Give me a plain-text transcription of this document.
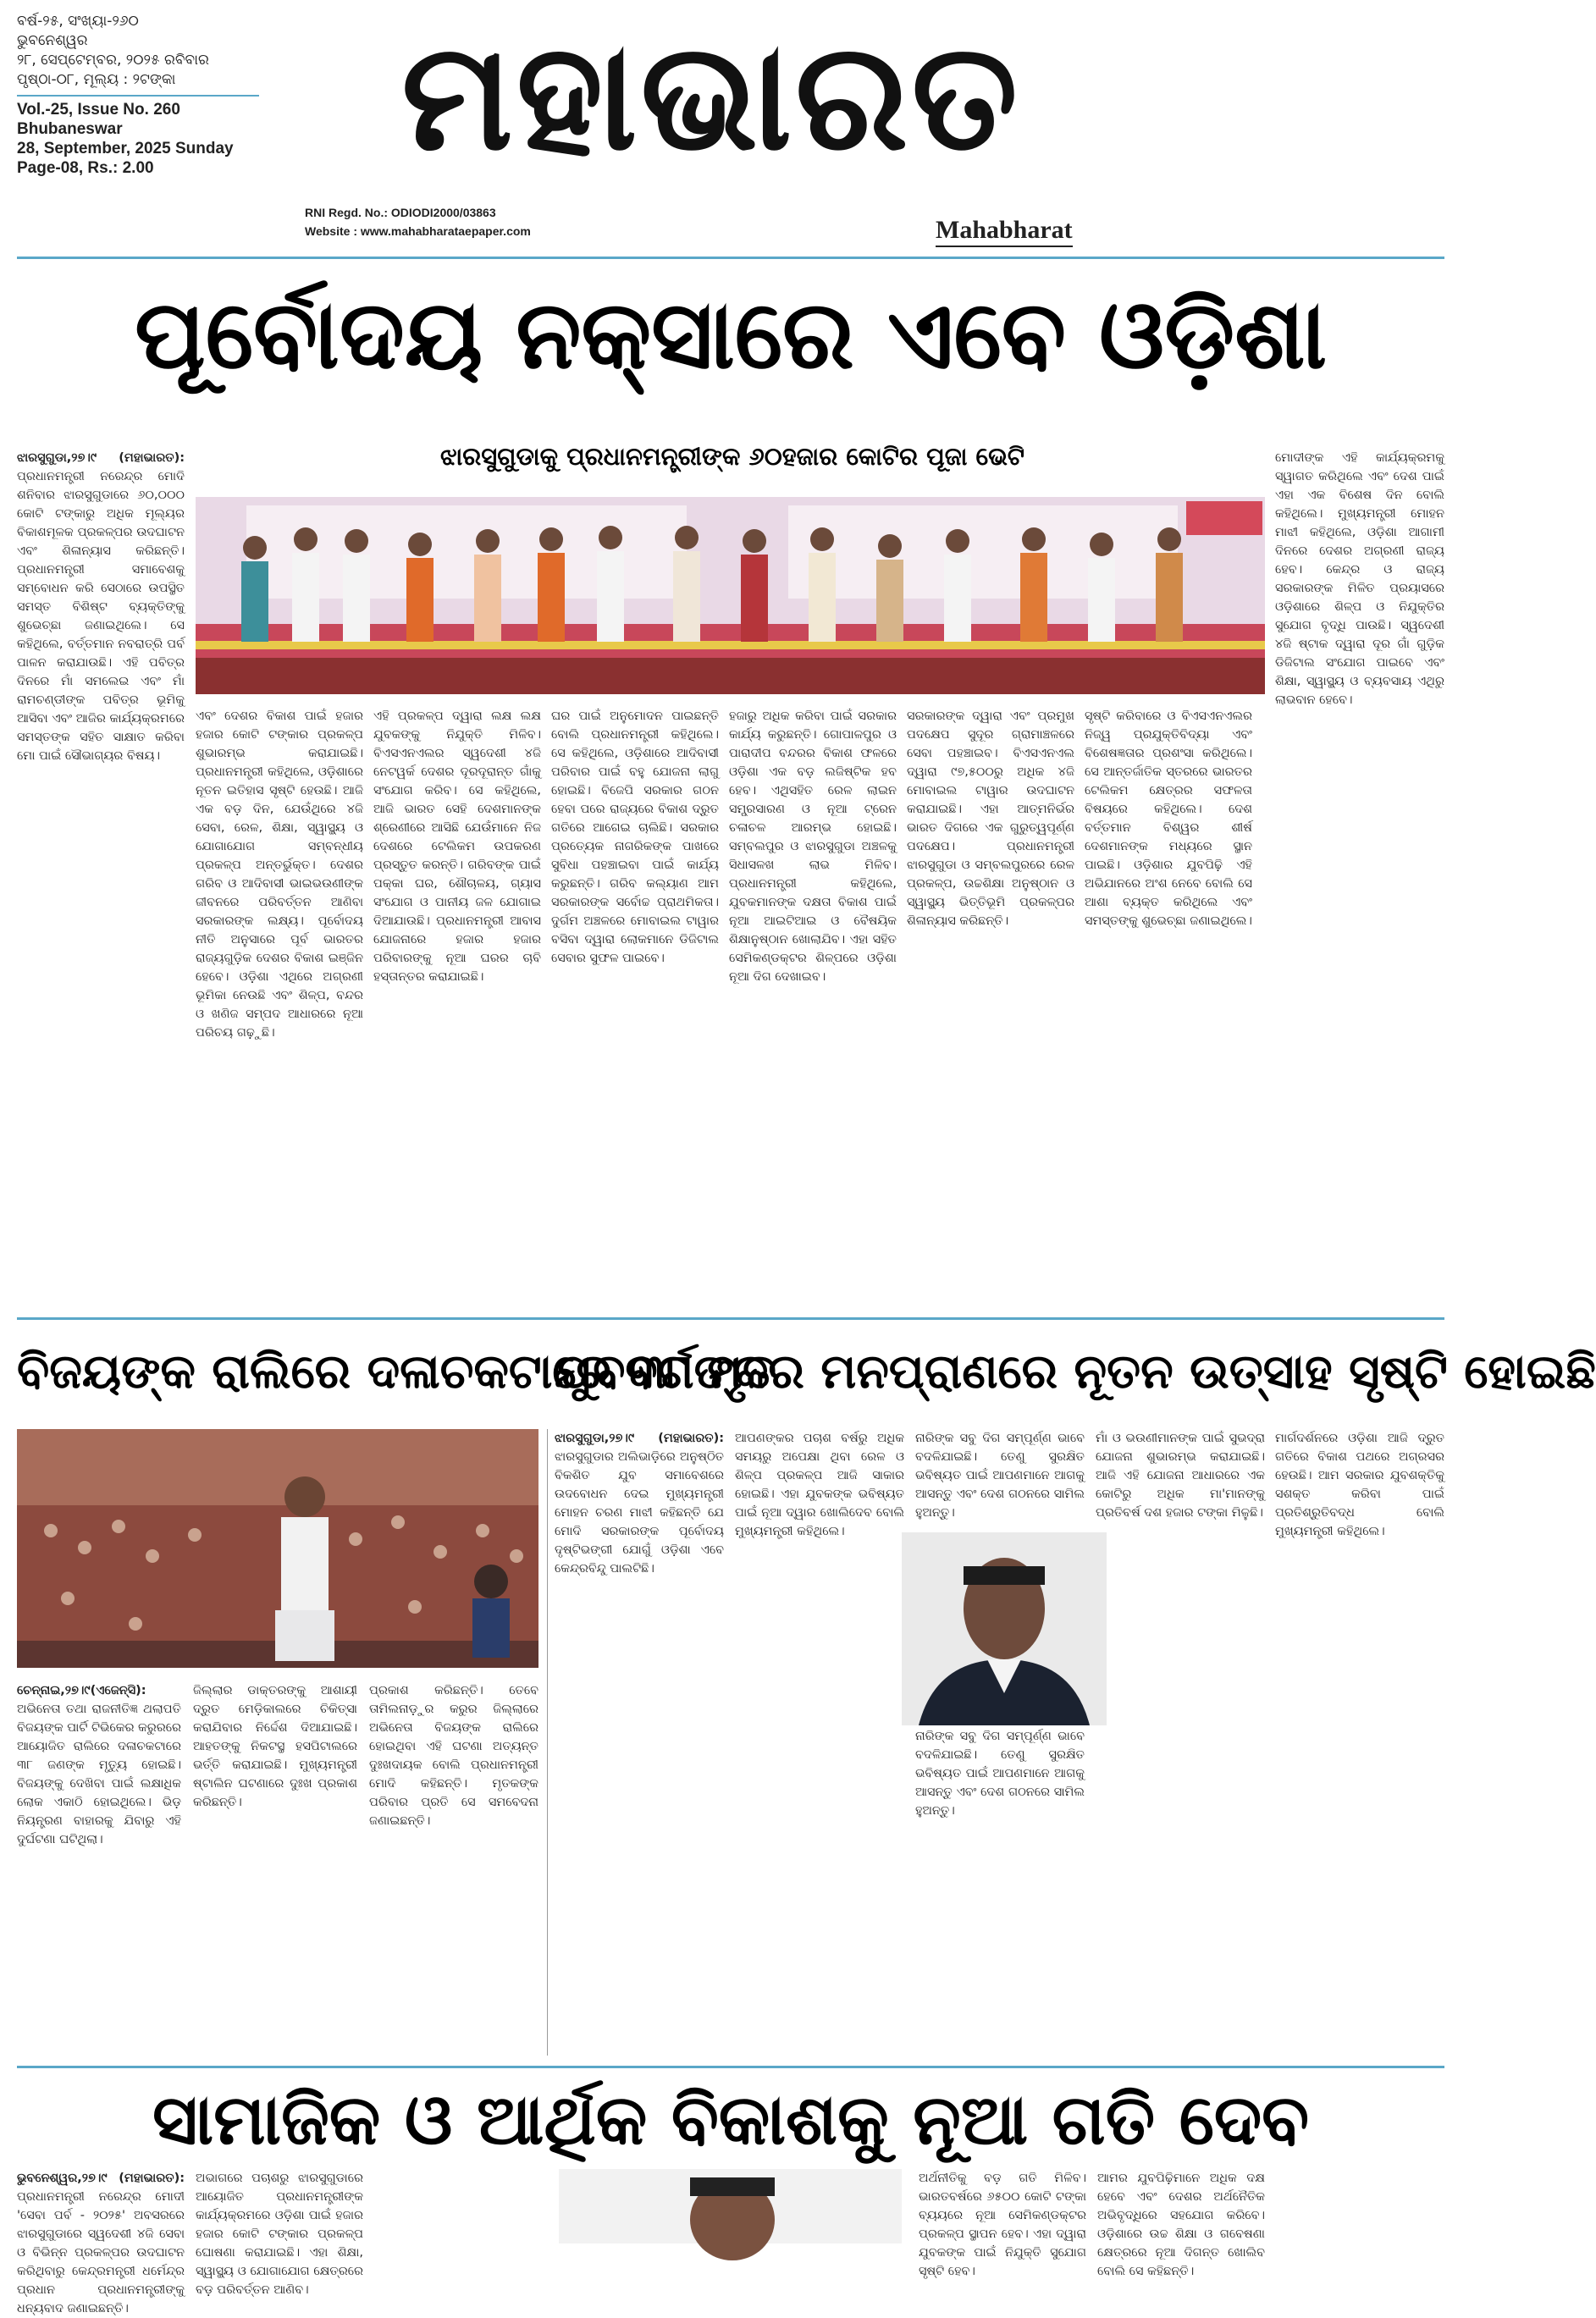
ବର୍ଷ-୨୫, ସଂଖ୍ୟା-୨୬୦
ଭୁବନେଶ୍ୱର
୨୮, ସେପ୍ଟେମ୍ବର, ୨୦୨୫ ରବିବାର
ପୃଷ୍ଠା-୦୮, ମୂଲ୍ୟ : ୨ଟଙ୍କା
Vol.-25, Issue No. 260
Bhubaneswar
28, September, 2025 Sunday
Page-08, Rs.: 2.00	ମହାଭାରତ
RNI Regd. No.: ODIODI2000/03863
Website : www.mahabharataepaper.com	Mahabharat
ପୂର୍ବୋଦୟ ନକ୍ସାରେ ଏବେ ଓଡ଼ିଶା
ଝାରସୁଗୁଡାକୁ ପ୍ରଧାନମନ୍ତ୍ରୀଙ୍କ ୬୦ହଜାର କୋଟିର ପୂଜା ଭେଟି
ଝାରସୁଗୁଡା,୨୭।୯ (ମହାଭାରତ): ପ୍ରଧାନମନ୍ତ୍ରୀ ନରେନ୍ଦ୍ର ମୋଦି ଶନିବାର ଝାରସୁଗୁଡାରେ ୬୦,୦୦୦ କୋଟି ଟଙ୍କାରୁ ଅଧିକ ମୂଲ୍ୟର ବିକାଶମୂଳକ ପ୍ରକଳ୍ପର ଉଦଘାଟନ ଏବଂ ଶିଳାନ୍ୟାସ କରିଛନ୍ତି। ପ୍ରଧାନମନ୍ତ୍ରୀ ସମାବେଶକୁ ସମ୍ବୋଧନ କରି ସେଠାରେ ଉପସ୍ଥିତ ସମସ୍ତ ବିଶିଷ୍ଟ ବ୍ୟକ୍ତିଙ୍କୁ ଶୁଭେଚ୍ଛା ଜଣାଇଥିଲେ। ସେ କହିଥିଲେ, ବର୍ତ୍ତମାନ ନବରାତ୍ରି ପର୍ବ ପାଳନ କରାଯାଉଛି। ଏହି ପବିତ୍ର ଦିନରେ ମାଁ ସମଲେଇ ଏବଂ ମାଁ ରାମଚଣ୍ଡୀଙ୍କ ପବିତ୍ର ଭୂମିକୁ ଆସିବା ଏବଂ ଆଜିର କାର୍ଯ୍ୟକ୍ରମରେ ସମସ୍ତଙ୍କ ସହିତ ସାକ୍ଷାତ କରିବା ମୋ ପାଇଁ ସୌଭାଗ୍ୟର ବିଷୟ।
ଏବଂ ଦେଶର ବିକାଶ ପାଇଁ ହଜାର ହଜାର କୋଟି ଟଙ୍କାର ପ୍ରକଳ୍ପ ଶୁଭାରମ୍ଭ କରାଯାଇଛି। ପ୍ରଧାନମନ୍ତ୍ରୀ କହିଥିଲେ, ଓଡ଼ିଶାରେ ନୂତନ ଇତିହାସ ସୃଷ୍ଟି ହେଉଛି। ଆଜି ଏକ ବଡ଼ ଦିନ, ଯେଉଁଥିରେ ୪ଜି ସେବା, ରେଳ, ଶିକ୍ଷା, ସ୍ୱାସ୍ଥ୍ୟ ଓ ଯୋଗାଯୋଗ ସମ୍ବନ୍ଧୀୟ ପ୍ରକଳ୍ପ ଅନ୍ତର୍ଭୁକ୍ତ। ଦେଶର ଗରିବ ଓ ଆଦିବାସୀ ଭାଇଭଉଣୀଙ୍କ ଜୀବନରେ ପରିବର୍ତ୍ତନ ଆଣିବା ସରକାରଙ୍କ ଲକ୍ଷ୍ୟ। ପୂର୍ବୋଦୟ ନୀତି ଅନୁସାରେ ପୂର୍ବ ଭାରତର ରାଜ୍ୟଗୁଡ଼ିକ ଦେଶର ବିକାଶ ଇଞ୍ଜିନ ହେବେ। ଓଡ଼ିଶା ଏଥିରେ ଅଗ୍ରଣୀ ଭୂମିକା ନେଉଛି ଏବଂ ଶିଳ୍ପ, ବନ୍ଦର ଓ ଖଣିଜ ସମ୍ପଦ ଆଧାରରେ ନୂଆ ପରିଚୟ ଗଢ଼ୁଛି।
ଏହି ପ୍ରକଳ୍ପ ଦ୍ୱାରା ଲକ୍ଷ ଲକ୍ଷ ଯୁବକଙ୍କୁ ନିଯୁକ୍ତି ମିଳିବ। ବିଏସଏନଏଲର ସ୍ୱଦେଶୀ ୪ଜି ନେଟୱର୍କ ଦେଶର ଦୂରଦୂରାନ୍ତ ଗାଁକୁ ସଂଯୋଗ କରିବ। ସେ କହିଥିଲେ, ଆଜି ଭାରତ ସେହି ଦେଶମାନଙ୍କ ଶ୍ରେଣୀରେ ଆସିଛି ଯେଉଁମାନେ ନିଜ ଦେଶରେ ଟେଲିକମ ଉପକରଣ ପ୍ରସ୍ତୁତ କରନ୍ତି। ଗରିବଙ୍କ ପାଇଁ ପକ୍କା ଘର, ଶୌଚାଳୟ, ଗ୍ୟାସ ସଂଯୋଗ ଓ ପାନୀୟ ଜଳ ଯୋଗାଇ ଦିଆଯାଉଛି। ପ୍ରଧାନମନ୍ତ୍ରୀ ଆବାସ ଯୋଜନାରେ ହଜାର ହଜାର ପରିବାରଙ୍କୁ ନୂଆ ଘରର ଚାବି ହସ୍ତାନ୍ତର କରାଯାଇଛି।
ଘର ପାଇଁ ଅନୁମୋଦନ ପାଇଛନ୍ତି ବୋଲି ପ୍ରଧାନମନ୍ତ୍ରୀ କହିଥିଲେ। ସେ କହିଥିଲେ, ଓଡ଼ିଶାରେ ଆଦିବାସୀ ପରିବାର ପାଇଁ ବହୁ ଯୋଜନା ଲାଗୁ ହୋଇଛି। ବିଜେପି ସରକାର ଗଠନ ହେବା ପରେ ରାଜ୍ୟରେ ବିକାଶ ଦ୍ରୁତ ଗତିରେ ଆଗେଇ ଚାଲିଛି। ସରକାର ପ୍ରତ୍ୟେକ ନାଗରିକଙ୍କ ପାଖରେ ସୁବିଧା ପହଞ୍ଚାଇବା ପାଇଁ କାର୍ଯ୍ୟ କରୁଛନ୍ତି। ଗରିବ କଲ୍ୟାଣ ଆମ ସରକାରଙ୍କ ସର୍ବୋଚ୍ଚ ପ୍ରାଥମିକତା। ଦୁର୍ଗମ ଅଞ୍ଚଳରେ ମୋବାଇଲ ଟାୱାର ବସିବା ଦ୍ୱାରା ଲୋକମାନେ ଡିଜିଟାଲ ସେବାର ସୁଫଳ ପାଇବେ।
ହଜାରୁ ଅଧିକ କରିବା ପାଇଁ ସରକାର କାର୍ଯ୍ୟ କରୁଛନ୍ତି। ଗୋପାଳପୁର ଓ ପାରାଦୀପ ବନ୍ଦରର ବିକାଶ ଫଳରେ ଓଡ଼ିଶା ଏକ ବଡ଼ ଲଜିଷ୍ଟିକ ହବ ହେବ। ଏଥିସହିତ ରେଳ ଲାଇନ ସମ୍ପ୍ରସାରଣ ଓ ନୂଆ ଟ୍ରେନ ଚଳାଚଳ ଆରମ୍ଭ ହୋଇଛି। ସମ୍ବଲପୁର ଓ ଝାରସୁଗୁଡା ଅଞ୍ଚଳକୁ ସିଧାସଳଖ ଲାଭ ମିଳିବ। ପ୍ରଧାନମନ୍ତ୍ରୀ କହିଥିଲେ, ଯୁବକମାନଙ୍କ ଦକ୍ଷତା ବିକାଶ ପାଇଁ ନୂଆ ଆଇଟିଆଇ ଓ ବୈଷୟିକ ଶିକ୍ଷାନୁଷ୍ଠାନ ଖୋଲାଯିବ। ଏହା ସହିତ ସେମିକଣ୍ଡକ୍ଟର ଶିଳ୍ପରେ ଓଡ଼ିଶା ନୂଆ ଦିଗ ଦେଖାଇବ।
ସରକାରଙ୍କ ଦ୍ୱାରା ଏବଂ ପ୍ରମୁଖ ପଦକ୍ଷେପ ସୁଦୂର ଗ୍ରାମାଞ୍ଚଳରେ ସେବା ପହଞ୍ଚାଇବ। ବିଏସଏନଏଲ ଦ୍ୱାରା ୯୭,୫୦୦ରୁ ଅଧିକ ୪ଜି ମୋବାଇଲ ଟାୱାର ଉଦଘାଟନ କରାଯାଇଛି। ଏହା ଆତ୍ମନିର୍ଭର ଭାରତ ଦିଗରେ ଏକ ଗୁରୁତ୍ୱପୂର୍ଣ୍ଣ ପଦକ୍ଷେପ। ପ୍ରଧାନମନ୍ତ୍ରୀ ଝାରସୁଗୁଡା ଓ ସମ୍ବଲପୁରରେ ରେଳ ପ୍ରକଳ୍ପ, ଉଚ୍ଚଶିକ୍ଷା ଅନୁଷ୍ଠାନ ଓ ସ୍ୱାସ୍ଥ୍ୟ ଭିତ୍ତିଭୂମି ପ୍ରକଳ୍ପର ଶିଳାନ୍ୟାସ କରିଛନ୍ତି।
ସୃଷ୍ଟି କରିବାରେ ଓ ବିଏସଏନଏଲର ନିଜ୍ୱ ପ୍ରଯୁକ୍ତିବିଦ୍ୟା ଏବଂ ବିଶେଷଜ୍ଞତାର ପ୍ରଶଂସା କରିଥିଲେ। ସେ ଆନ୍ତର୍ଜାତିକ ସ୍ତରରେ ଭାରତର ଟେଲିକମ କ୍ଷେତ୍ରର ସଫଳତା ବିଷୟରେ କହିଥିଲେ। ଦେଶ ବର୍ତ୍ତମାନ ବିଶ୍ୱର ଶୀର୍ଷ ଦେଶମାନଙ୍କ ମଧ୍ୟରେ ସ୍ଥାନ ପାଇଛି। ଓଡ଼ିଶାର ଯୁବପିଢ଼ି ଏହି ଅଭିଯାନରେ ଅଂଶ ନେବେ ବୋଲି ସେ ଆଶା ବ୍ୟକ୍ତ କରିଥିଲେ ଏବଂ ସମସ୍ତଙ୍କୁ ଶୁଭେଚ୍ଛା ଜଣାଇଥିଲେ।
ମୋଦୀଙ୍କ ଏହି କାର୍ଯ୍ୟକ୍ରମକୁ ସ୍ୱାଗତ କରିଥିଲେ ଏବଂ ଦେଶ ପାଇଁ ଏହା ଏକ ବିଶେଷ ଦିନ ବୋଲି କହିଥିଲେ। ମୁଖ୍ୟମନ୍ତ୍ରୀ ମୋହନ ମାଝୀ କହିଥିଲେ, ଓଡ଼ିଶା ଆଗାମୀ ଦିନରେ ଦେଶର ଅଗ୍ରଣୀ ରାଜ୍ୟ ହେବ। କେନ୍ଦ୍ର ଓ ରାଜ୍ୟ ସରକାରଙ୍କ ମିଳିତ ପ୍ରୟାସରେ ଓଡ଼ିଶାରେ ଶିଳ୍ପ ଓ ନିଯୁକ୍ତିର ସୁଯୋଗ ବୃଦ୍ଧି ପାଉଛି। ସ୍ୱଦେଶୀ ୪ଜି ଷ୍ଟାକ ଦ୍ୱାରା ଦୂର ଗାଁ ଗୁଡ଼ିକ ଡିଜିଟାଲ ସଂଯୋଗ ପାଇବେ ଏବଂ ଶିକ୍ଷା, ସ୍ୱାସ୍ଥ୍ୟ ଓ ବ୍ୟବସାୟ ଏଥିରୁ ଲାଭବାନ ହେବେ।
ବିଜୟଙ୍କ ରାଲିରେ ଦଳାଚକଟାରେ ୩୮ ମୃତ
ଯୁବବର୍ଗଙ୍କର ମନପ୍ରାଣରେ ନୂତନ ଉତ୍ସାହ ସୃଷ୍ଟି ହୋଇଛି
ଚେନ୍ନାଇ,୨୭।୯(ଏଜେନ୍ସି): ଅଭିନେତା ତଥା ରାଜନୀତିଜ୍ଞ ଥଲାପତି ବିଜୟଙ୍କ ପାର୍ଟି ଟିଭିକେର କରୁରରେ ଆୟୋଜିତ ରାଲିରେ ଦଳାଚକଟାରେ ୩୮ ଜଣଙ୍କ ମୃତ୍ୟୁ ହୋଇଛି। ବିଜୟଙ୍କୁ ଦେଖିବା ପାଇଁ ଲକ୍ଷାଧିକ ଲୋକ ଏକାଠି ହୋଇଥିଲେ। ଭିଡ଼ ନିୟନ୍ତ୍ରଣ ବାହାରକୁ ଯିବାରୁ ଏହି ଦୁର୍ଘଟଣା ଘଟିଥିଲା।
ଜିଲ୍ଲାର ଡାକ୍ତରଙ୍କୁ ଆଶାୟୀ ଦ୍ରୁତ ମେଡ଼ିକାଲରେ ଚିକିତ୍ସା କରାଯିବାର ନିର୍ଦ୍ଦେଶ ଦିଆଯାଇଛି। ଆହତଙ୍କୁ ନିକଟସ୍ଥ ହସପିଟାଲରେ ଭର୍ତ୍ତି କରାଯାଇଛି। ମୁଖ୍ୟମନ୍ତ୍ରୀ ଷ୍ଟାଲିନ ଘଟଣାରେ ଦୁଃଖ ପ୍ରକାଶ କରିଛନ୍ତି।
ପ୍ରକାଶ କରିଛନ୍ତି। ତେବେ ତାମିଲନାଡ଼ୁର କରୁର ଜିଲ୍ଲାରେ ଅଭିନେତା ବିଜୟଙ୍କ ରାଲିରେ ହୋଇଥିବା ଏହି ଘଟଣା ଅତ୍ୟନ୍ତ ଦୁଃଖଦାୟକ ବୋଲି ପ୍ରଧାନମନ୍ତ୍ରୀ ମୋଦି କହିଛନ୍ତି। ମୃତକଙ୍କ ପରିବାର ପ୍ରତି ସେ ସମବେଦନା ଜଣାଇଛନ୍ତି।
ଝାରସୁଗୁଡା,୨୭।୯ (ମହାଭାରତ): ଝାରସୁଗୁଡାର ଅଲିଭାଡ଼ିରେ ଅନୁଷ୍ଠିତ ବିକଶିତ ଯୁବ ସମାବେଶରେ ଉଦବୋଧନ ଦେଇ ମୁଖ୍ୟମନ୍ତ୍ରୀ ମୋହନ ଚରଣ ମାଝୀ କହିଛନ୍ତି ଯେ ମୋଦି ସରକାରଙ୍କ ପୂର୍ବୋଦୟ ଦୃଷ୍ଟିଭଙ୍ଗୀ ଯୋଗୁଁ ଓଡ଼ିଶା ଏବେ କେନ୍ଦ୍ରବିନ୍ଦୁ ପାଲଟିଛି।
ଆପଣଙ୍କର ପଚାଶ ବର୍ଷରୁ ଅଧିକ ସମୟରୁ ଅପେକ୍ଷା ଥିବା ରେଳ ଓ ଶିଳ୍ପ ପ୍ରକଳ୍ପ ଆଜି ସାକାର ହୋଇଛି। ଏହା ଯୁବକଙ୍କ ଭବିଷ୍ୟତ ପାଇଁ ନୂଆ ଦ୍ୱାର ଖୋଲିଦେବ ବୋଲି ମୁଖ୍ୟମନ୍ତ୍ରୀ କହିଥିଲେ।
ନାରିଙ୍କ ସବୁ ଦିଗ ସମ୍ପୂର୍ଣ୍ଣ ଭାବେ ବଦଳିଯାଇଛି। ତେଣୁ ସୁରକ୍ଷିତ ଭବିଷ୍ୟତ ପାଇଁ ଆପଣମାନେ ଆଗକୁ ଆସନ୍ତୁ ଏବଂ ଦେଶ ଗଠନରେ ସାମିଲ ହୁଅନ୍ତୁ।
ନାରିଙ୍କ ସବୁ ଦିଗ ସମ୍ପୂର୍ଣ୍ଣ ଭାବେ ବଦଳିଯାଇଛି। ତେଣୁ ସୁରକ୍ଷିତ ଭବିଷ୍ୟତ ପାଇଁ ଆପଣମାନେ ଆଗକୁ ଆସନ୍ତୁ ଏବଂ ଦେଶ ଗଠନରେ ସାମିଲ ହୁଅନ୍ତୁ।
ମାଁ ଓ ଭଉଣୀମାନଙ୍କ ପାଇଁ ସୁଭଦ୍ରା ଯୋଜନା ଶୁଭାରମ୍ଭ କରାଯାଇଛି। ଆଜି ଏହି ଯୋଜନା ଆଧାରରେ ଏକ କୋଟିରୁ ଅଧିକ ମା'ମାନଙ୍କୁ ପ୍ରତିବର୍ଷ ଦଶ ହଜାର ଟଙ୍କା ମିଳୁଛି।
ମାର୍ଗଦର୍ଶନରେ ଓଡ଼ିଶା ଆଜି ଦ୍ରୁତ ଗତିରେ ବିକାଶ ପଥରେ ଅଗ୍ରସର ହେଉଛି। ଆମ ସରକାର ଯୁବଶକ୍ତିକୁ ସଶକ୍ତ କରିବା ପାଇଁ ପ୍ରତିଶ୍ରୁତିବଦ୍ଧ ବୋଲି ମୁଖ୍ୟମନ୍ତ୍ରୀ କହିଥିଲେ।
ସାମାଜିକ ଓ ଆର୍ଥିକ ବିକାଶକୁ ନୂଆ ଗତି ଦେବ
ଭୁବନେଶ୍ୱର,୨୭।୯ (ମହାଭାରତ): ପ୍ରଧାନମନ୍ତ୍ରୀ ନରେନ୍ଦ୍ର ମୋଦୀ 'ସେବା ପର୍ବ - ୨୦୨୫' ଅବସରରେ ଝାରସୁଗୁଡାରେ ସ୍ୱଦେଶୀ ୪ଜି ସେବା ଓ ବିଭିନ୍ନ ପ୍ରକଳ୍ପର ଉଦଘାଟନ କରିଥିବାରୁ କେନ୍ଦ୍ରମନ୍ତ୍ରୀ ଧର୍ମେନ୍ଦ୍ର ପ୍ରଧାନ ପ୍ରଧାନମନ୍ତ୍ରୀଙ୍କୁ ଧନ୍ୟବାଦ ଜଣାଇଛନ୍ତି।
ଅଭାଗରେ ପଚାଶରୁ ଝାରସୁଗୁଡାରେ ଆୟୋଜିତ ପ୍ରଧାନମନ୍ତ୍ରୀଙ୍କ କାର୍ଯ୍ୟକ୍ରମରେ ଓଡ଼ିଶା ପାଇଁ ହଜାର ହଜାର କୋଟି ଟଙ୍କାର ପ୍ରକଳ୍ପ ଘୋଷଣା କରାଯାଇଛି। ଏହା ଶିକ୍ଷା, ସ୍ୱାସ୍ଥ୍ୟ ଓ ଯୋଗାଯୋଗ କ୍ଷେତ୍ରରେ ବଡ଼ ପରିବର୍ତ୍ତନ ଆଣିବ।
ଅର୍ଥନୀତିକୁ ବଡ଼ ଗତି ମିଳିବ। ଭାରତବର୍ଷରେ ୬୫୦୦ କୋଟି ଟଙ୍କା ବ୍ୟୟରେ ନୂଆ ସେମିକଣ୍ଡକ୍ଟର ପ୍ରକଳ୍ପ ସ୍ଥାପନ ହେବ। ଏହା ଦ୍ୱାରା ଯୁବକଙ୍କ ପାଇଁ ନିଯୁକ୍ତି ସୁଯୋଗ ସୃଷ୍ଟି ହେବ।
ଆମର ଯୁବପିଢ଼ିମାନେ ଅଧିକ ଦକ୍ଷ ହେବେ ଏବଂ ଦେଶର ଅର୍ଥନୈତିକ ଅଭିବୃଦ୍ଧିରେ ସହଯୋଗ କରିବେ। ଓଡ଼ିଶାରେ ଉଚ୍ଚ ଶିକ୍ଷା ଓ ଗବେଷଣା କ୍ଷେତ୍ରରେ ନୂଆ ଦିଗନ୍ତ ଖୋଲିବ ବୋଲି ସେ କହିଛନ୍ତି।
